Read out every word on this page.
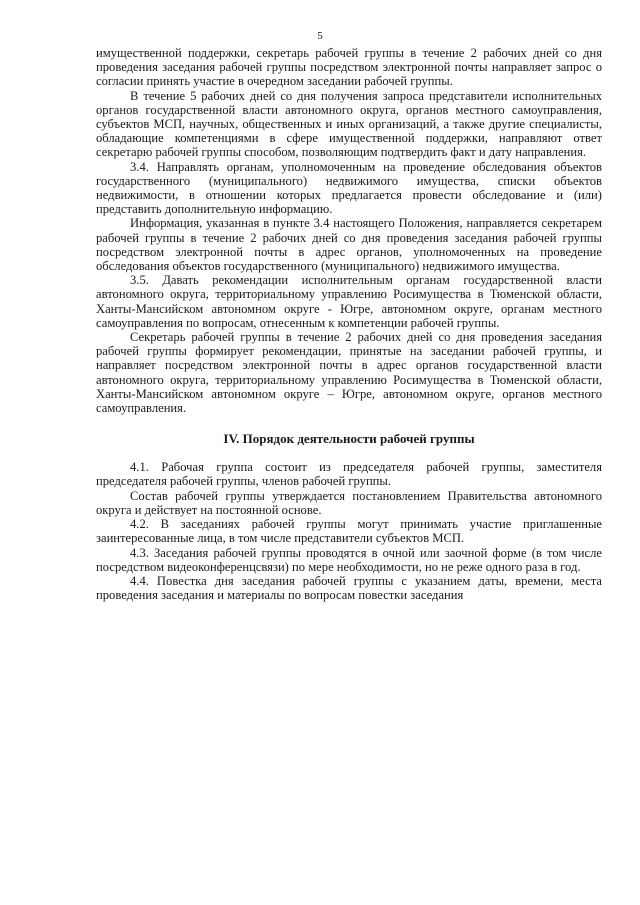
5

имущественной поддержки, секретарь рабочей группы в течение 2 рабочих дней со дня проведения заседания рабочей группы посредством электронной почты направляет запрос о согласии принять участие в очередном заседании рабочей группы.

В течение 5 рабочих дней со дня получения запроса представители исполнительных органов государственной власти автономного округа, органов местного самоуправления, субъектов МСП, научных, общественных и иных организаций, а также другие специалисты, обладающие компетенциями в сфере имущественной поддержки, направляют ответ секретарю рабочей группы способом, позволяющим подтвердить факт и дату направления.

3.4. Направлять органам, уполномоченным на проведение обследования объектов государственного (муниципального) недвижимого имущества, списки объектов недвижимости, в отношении которых предлагается провести обследование и (или) представить дополнительную информацию.

Информация, указанная в пункте 3.4 настоящего Положения, направляется секретарем рабочей группы в течение 2 рабочих дней со дня проведения заседания рабочей группы посредством электронной почты в адрес органов, уполномоченных на проведение обследования объектов государственного (муниципального) недвижимого имущества.

3.5. Давать рекомендации исполнительным органам государственной власти автономного округа, территориальному управлению Росимущества в Тюменской области, Ханты-Мансийском автономном округе - Югре, автономном округе, органам местного самоуправления по вопросам, отнесенным к компетенции рабочей группы.

Секретарь рабочей группы в течение 2 рабочих дней со дня проведения заседания рабочей группы формирует рекомендации, принятые на заседании рабочей группы, и направляет посредством электронной почты в адрес органов государственной власти автономного округа, территориальному управлению Росимущества в Тюменской области, Ханты-Мансийском автономном округе – Югре, автономном округе, органов местного самоуправления.

IV. Порядок деятельности рабочей группы

4.1. Рабочая группа состоит из председателя рабочей группы, заместителя председателя рабочей группы, членов рабочей группы.

Состав рабочей группы утверждается постановлением Правительства автономного округа и действует на постоянной основе.

4.2. В заседаниях рабочей группы могут принимать участие приглашенные заинтересованные лица, в том числе представители субъектов МСП.

4.3. Заседания рабочей группы проводятся в очной или заочной форме (в том числе посредством видеоконференцсвязи) по мере необходимости, но не реже одного раза в год.

4.4. Повестка дня заседания рабочей группы с указанием даты, времени, места проведения заседания и материалы по вопросам повестки заседания
